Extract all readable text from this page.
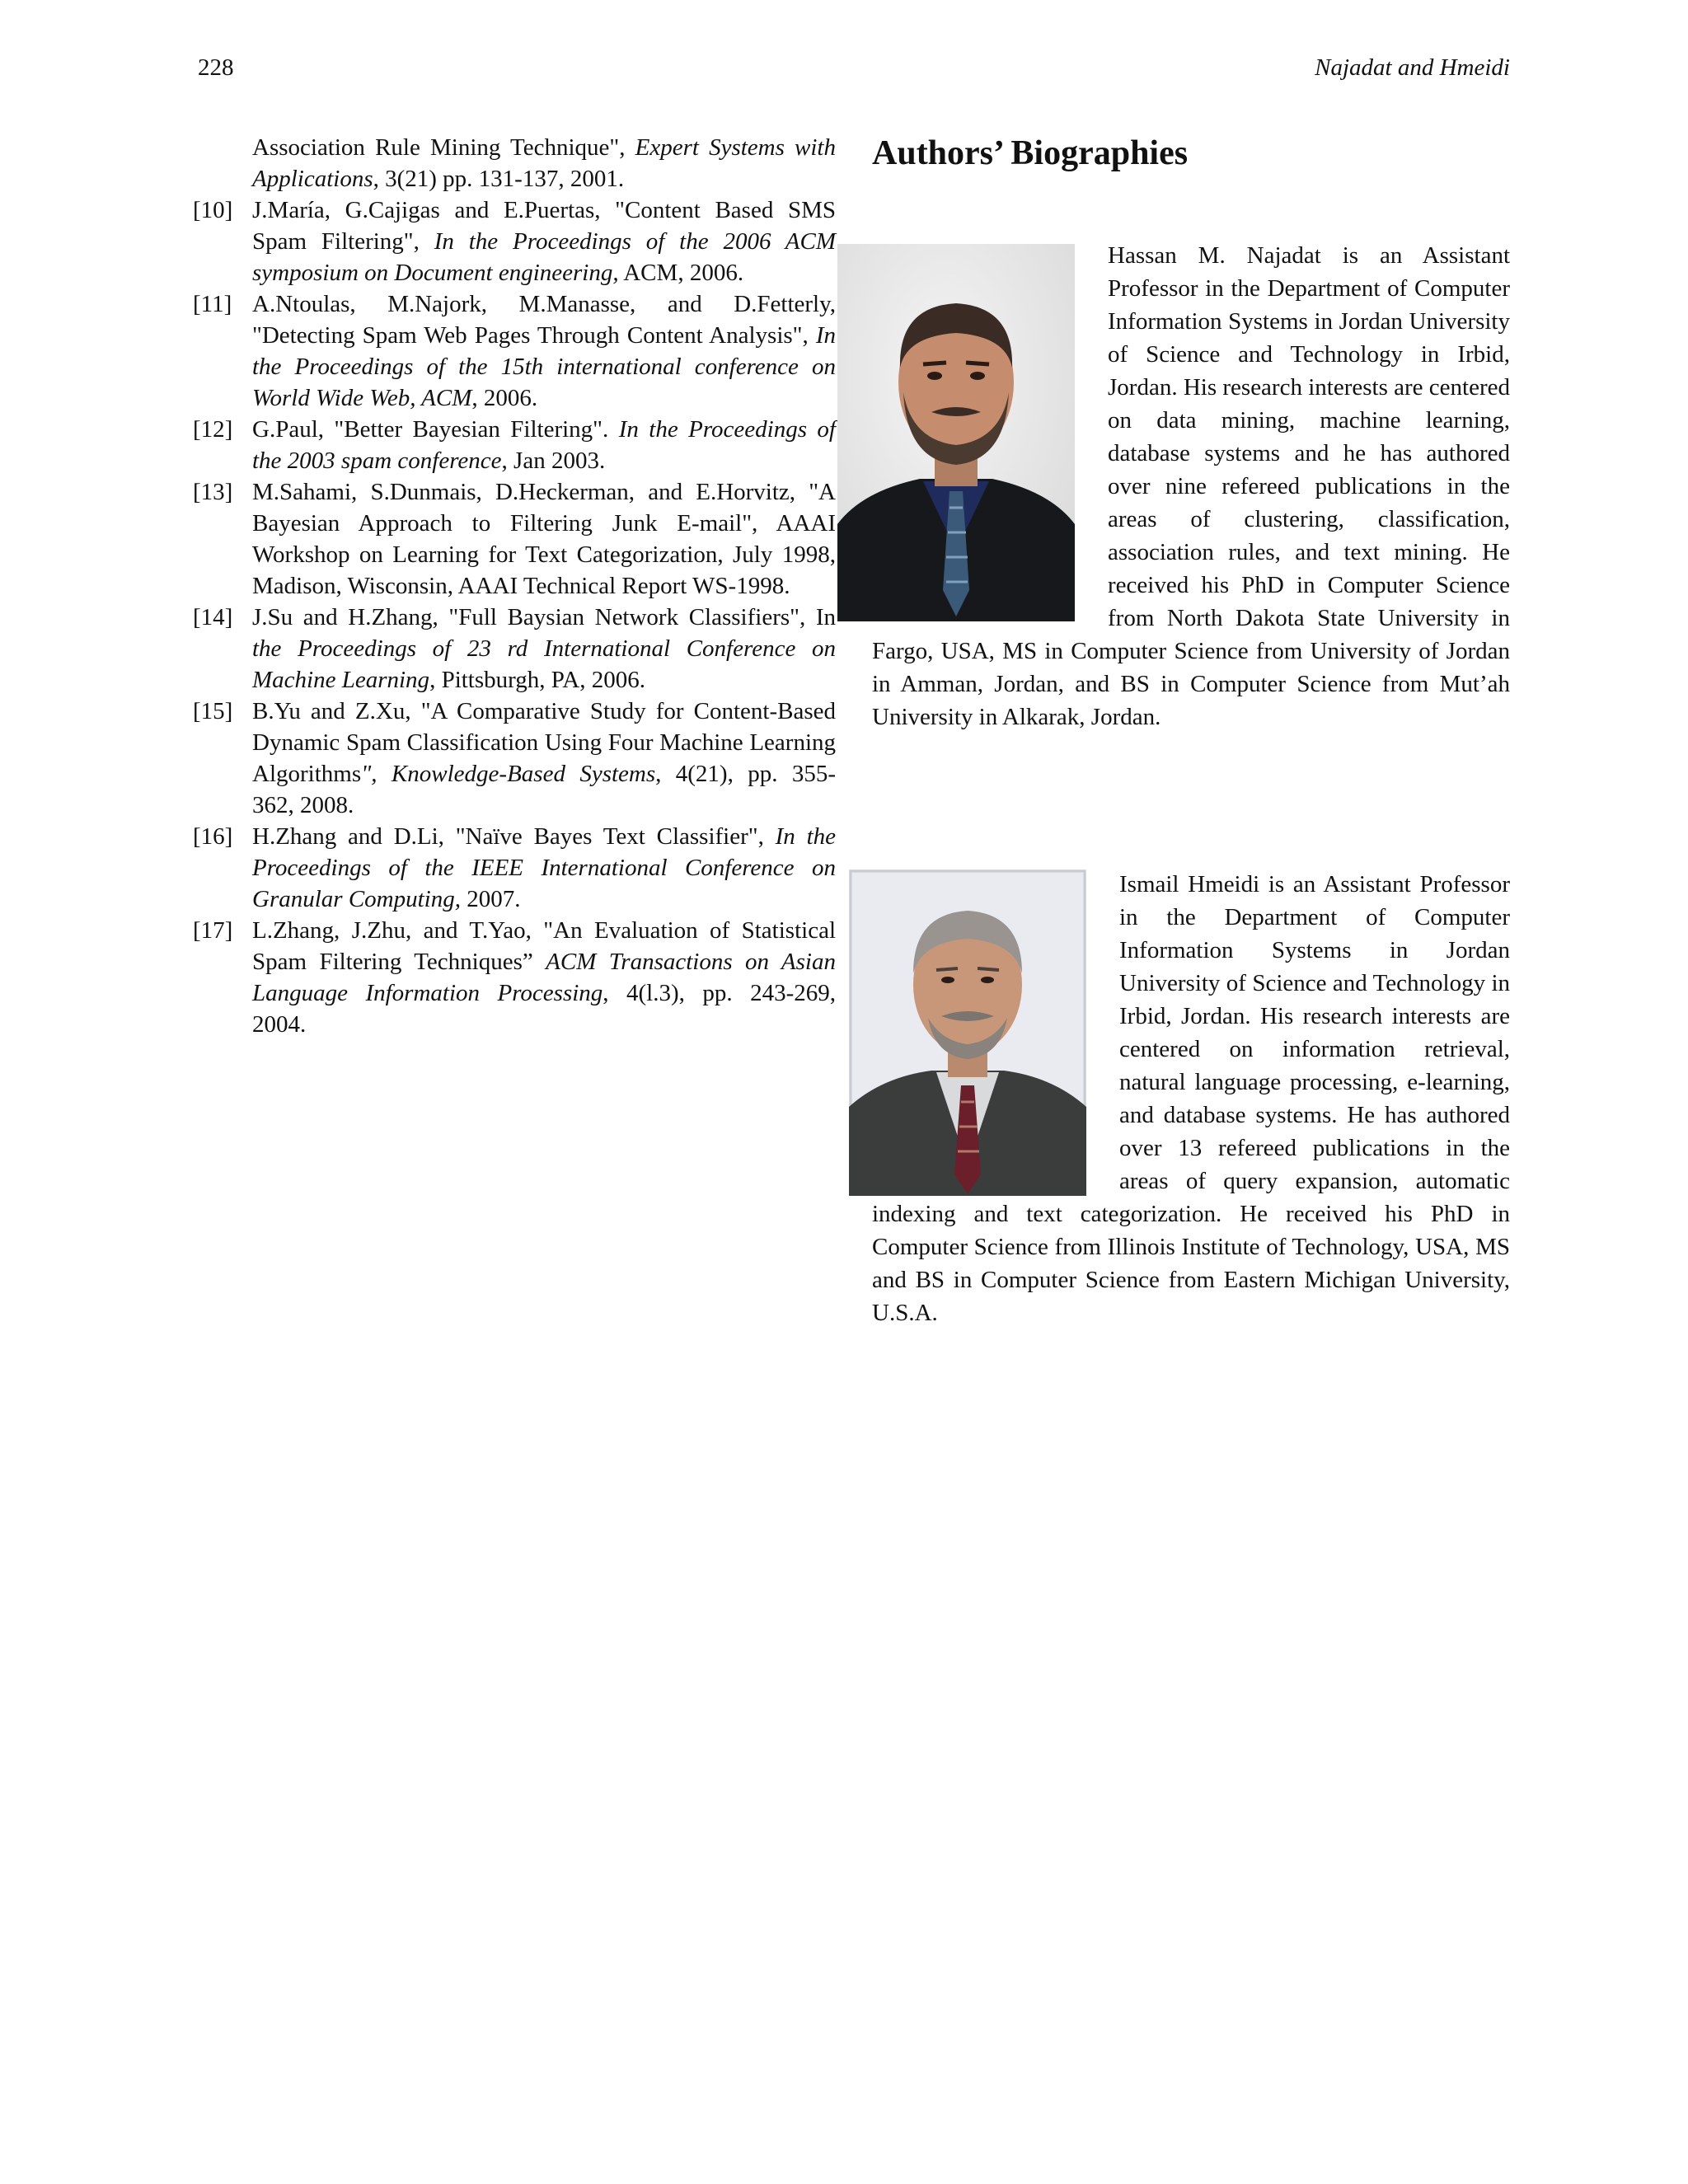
228	Najadat and Hmeidi
Association Rule Mining Technique", Expert Systems with Applications, 3(21) pp. 131-137, 2001.
[10] J.María, G.Cajigas and E.Puertas, "Content Based SMS Spam Filtering", In the Proceedings of the 2006 ACM symposium on Document engineering, ACM, 2006.
[11] A.Ntoulas, M.Najork, M.Manasse, and D.Fetterly, "Detecting Spam Web Pages Through Content Analysis", In the Proceedings of the 15th international conference on World Wide Web, ACM, 2006.
[12] G.Paul, "Better Bayesian Filtering". In the Proceedings of the 2003 spam conference, Jan 2003.
[13] M.Sahami, S.Dunmais, D.Heckerman, and E.Horvitz, "A Bayesian Approach to Filtering Junk E-mail", AAAI Workshop on Learning for Text Categorization, July 1998, Madison, Wisconsin, AAAI Technical Report WS-1998.
[14] J.Su and H.Zhang, "Full Baysian Network Classifiers", In the Proceedings of 23 rd International Conference on Machine Learning, Pittsburgh, PA, 2006.
[15] B.Yu and Z.Xu, "A Comparative Study for Content-Based Dynamic Spam Classification Using Four Machine Learning Algorithms", Knowledge-Based Systems, 4(21), pp. 355-362, 2008.
[16] H.Zhang and D.Li, "Naïve Bayes Text Classifier", In the Proceedings of the IEEE International Conference on Granular Computing, 2007.
[17] L.Zhang, J.Zhu, and T.Yao, "An Evaluation of Statistical Spam Filtering Techniques” ACM Transactions on Asian Language Information Processing, 4(l.3), pp. 243-269, 2004.
Authors’ Biographies

Hassan M. Najadat is an Assistant Professor in the Department of Computer Information Systems in Jordan University of Science and Technology in Irbid, Jordan. His research interests are centered on data mining, machine learning, database systems and he has authored over nine refereed publications in the areas of clustering, classification, association rules, and text mining. He received his PhD in Computer Science from North Dakota State University in Fargo, USA, MS in Computer Science from University of Jordan in Amman, Jordan, and BS in Computer Science from Mut’ah University in Alkarak, Jordan.

Ismail Hmeidi is an Assistant Professor in the Department of Computer Information Systems in Jordan University of Science and Technology in Irbid, Jordan. His research interests are centered on information retrieval, natural language processing, e-learning, and database systems. He has authored over 13 refereed publications in the areas of query expansion, automatic indexing and text categorization. He received his PhD in Computer Science from Illinois Institute of Technology, USA, MS and BS in Computer Science from Eastern Michigan University, U.S.A.
